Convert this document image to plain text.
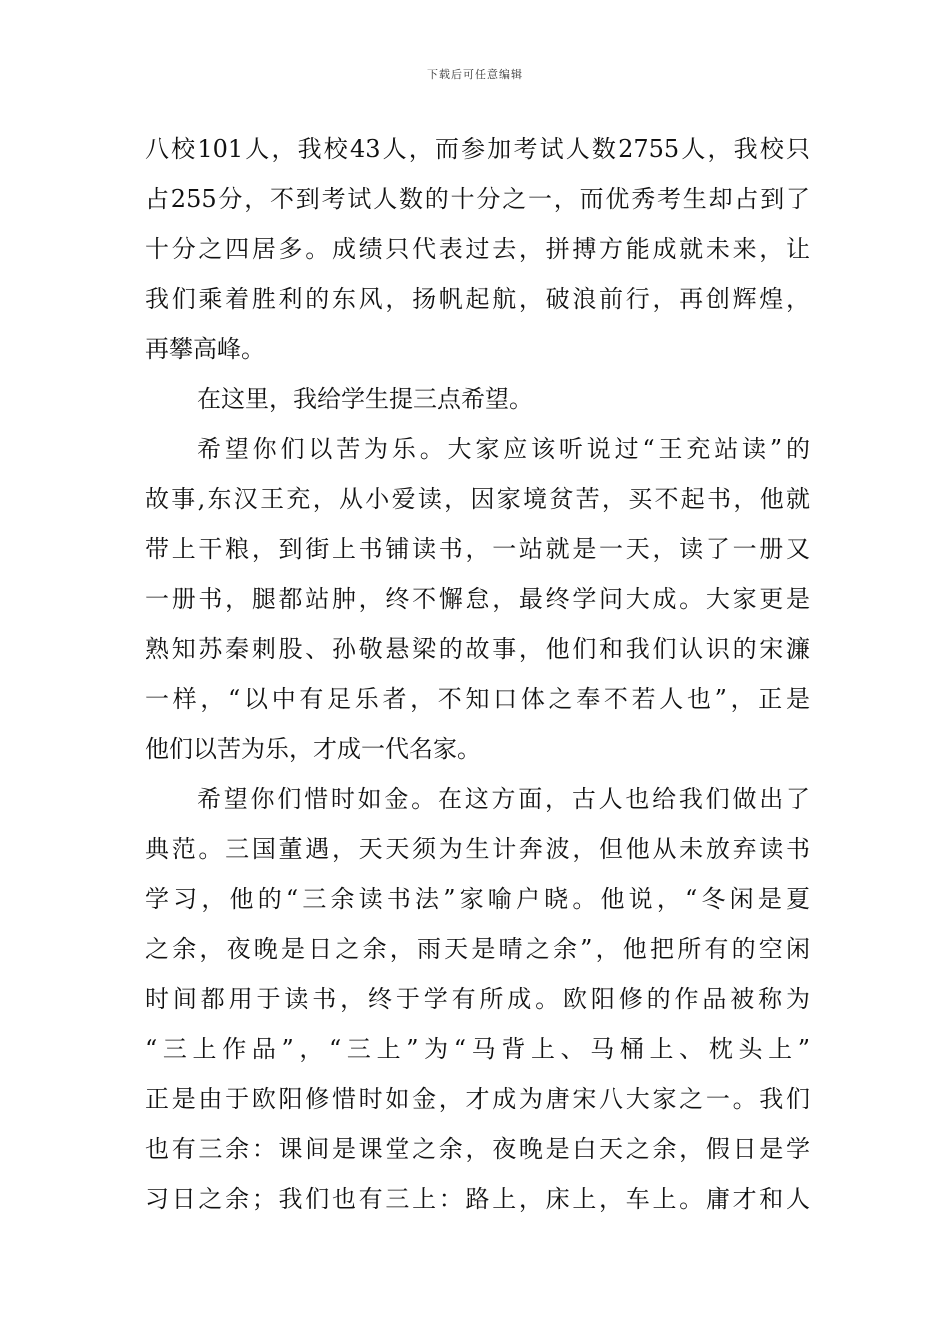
下载后可任意编辑
八校101人，我校43人，而参加考试人数2755人，我校只
占255分，不到考试人数的十分之一，而优秀考生却占到了
十分之四居多。成绩只代表过去，拼搏方能成就未来，让
我们乘着胜利的东风，扬帆起航，破浪前行，再创辉煌，
再攀高峰。
在这里，我给学生提三点希望。
希望你们以苦为乐。大家应该听说过“王充站读”的
故事,东汉王充，从小爱读，因家境贫苦，买不起书，他就
带上干粮，到街上书铺读书，一站就是一天，读了一册又
一册书，腿都站肿，终不懈怠，最终学问大成。大家更是
熟知苏秦刺股、孙敬悬梁的故事，他们和我们认识的宋濂
一样，“以中有足乐者，不知口体之奉不若人也”，正是
他们以苦为乐，才成一代名家。
希望你们惜时如金。在这方面，古人也给我们做出了
典范。三国董遇，天天须为生计奔波，但他从未放弃读书
学习，他的“三余读书法”家喻户晓。他说，“冬闲是夏
之余，夜晚是日之余，雨天是晴之余”，他把所有的空闲
时间都用于读书，终于学有所成。欧阳修的作品被称为
“三上作品”，“三上”为“马背上、马桶上、枕头上”
正是由于欧阳修惜时如金，才成为唐宋八大家之一。我们
也有三余：课间是课堂之余，夜晚是白天之余，假日是学
习日之余；我们也有三上：路上，床上，车上。庸才和人
